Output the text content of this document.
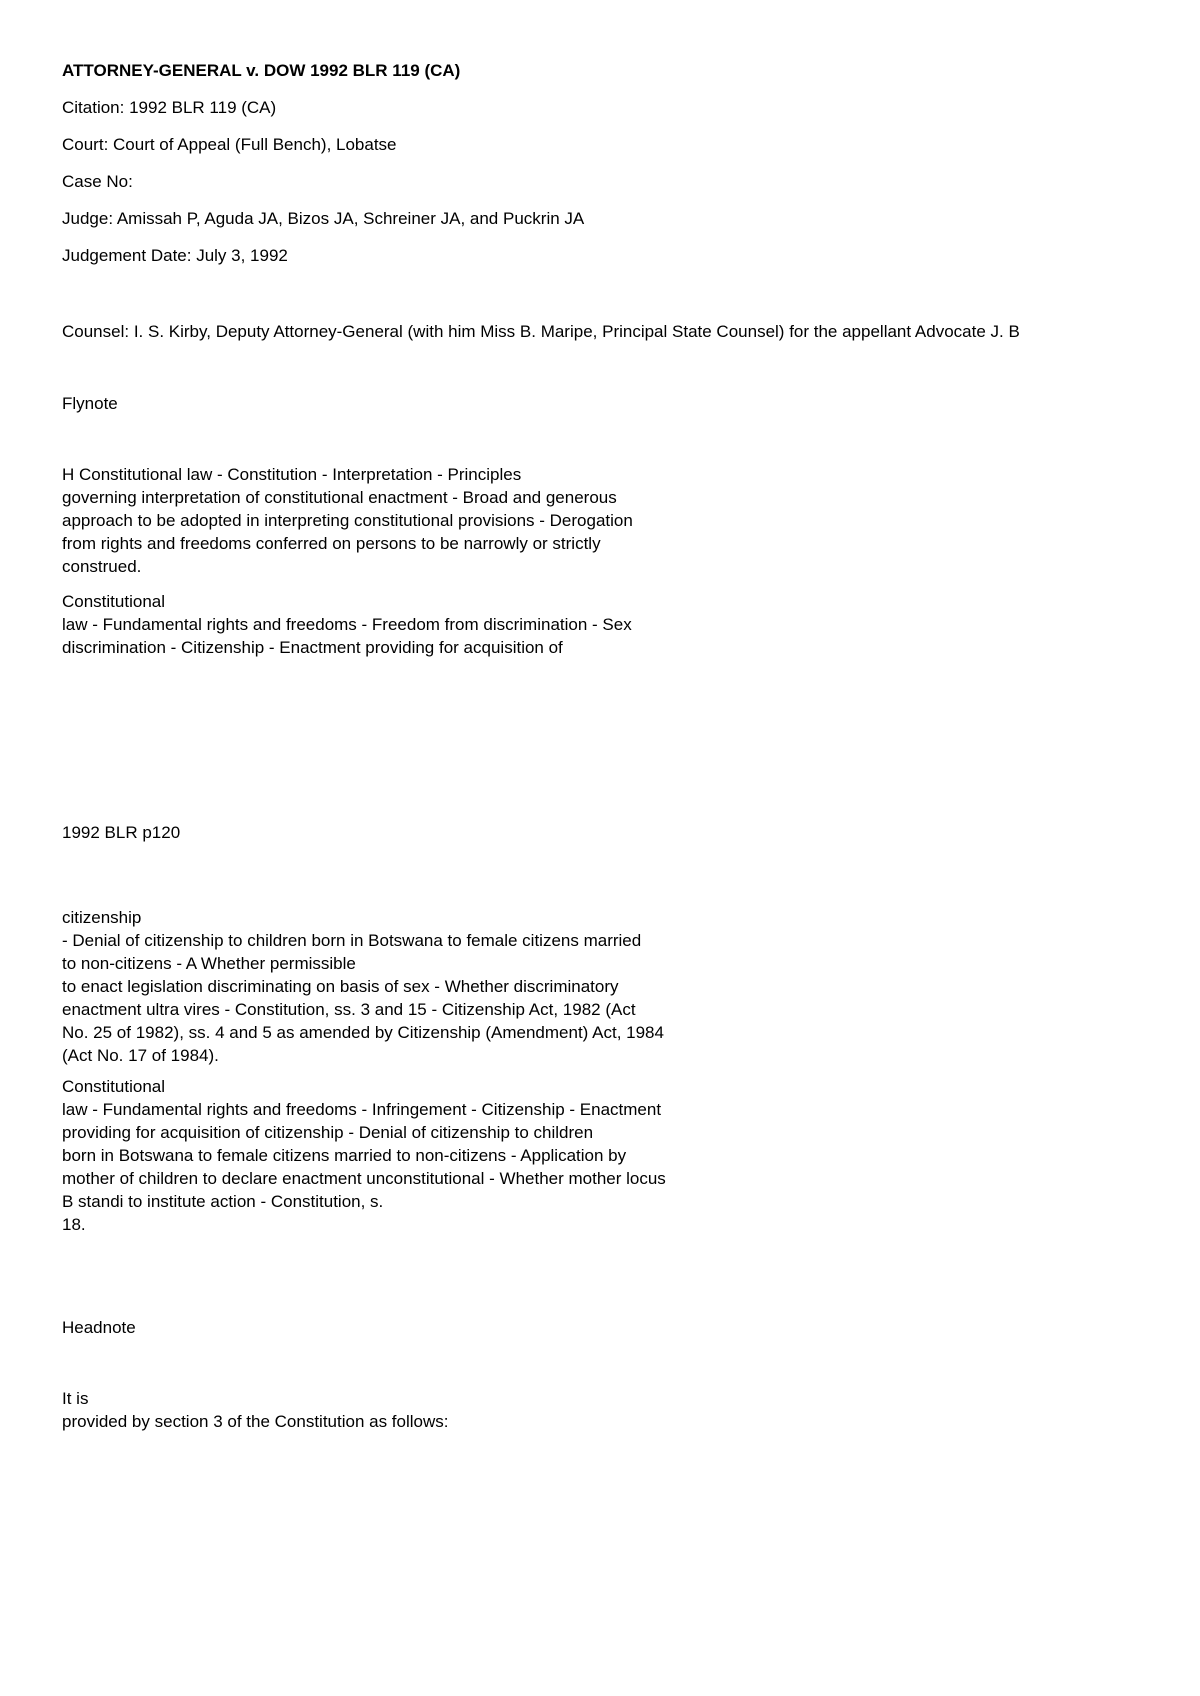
ATTORNEY-GENERAL v. DOW 1992 BLR 119 (CA)
Citation: 1992 BLR 119 (CA)
Court: Court of Appeal (Full Bench), Lobatse
Case No:
Judge: Amissah P, Aguda JA, Bizos JA, Schreiner JA, and Puckrin JA
Judgement Date: July 3, 1992
Counsel: I. S. Kirby, Deputy Attorney-General (with him Miss B. Maripe, Principal State Counsel) for the appellant Advocate J. B
Flynote
H Constitutional law - Constitution - Interpretation - Principles
governing interpretation of constitutional enactment - Broad and generous
approach to be adopted in interpreting constitutional provisions - Derogation
from rights and freedoms conferred on persons to be narrowly or strictly
construed.
Constitutional
law - Fundamental rights and freedoms - Freedom from discrimination - Sex
discrimination - Citizenship - Enactment providing for acquisition of
1992 BLR p120
citizenship
- Denial of citizenship to children born in Botswana to female citizens married
to non-citizens - A Whether permissible
to enact legislation discriminating on basis of sex - Whether discriminatory
enactment ultra vires - Constitution, ss. 3 and 15 - Citizenship Act, 1982 (Act
No. 25 of 1982), ss. 4 and 5 as amended by Citizenship (Amendment) Act, 1984
(Act No. 17 of 1984).
Constitutional
law - Fundamental rights and freedoms - Infringement - Citizenship - Enactment
providing for acquisition of citizenship - Denial of citizenship to children
born in Botswana to female citizens married to non-citizens - Application by
mother of children to declare enactment unconstitutional - Whether mother locus
B standi to institute action - Constitution, s.
18.
Headnote
It is
provided by section 3 of the Constitution as follows:
